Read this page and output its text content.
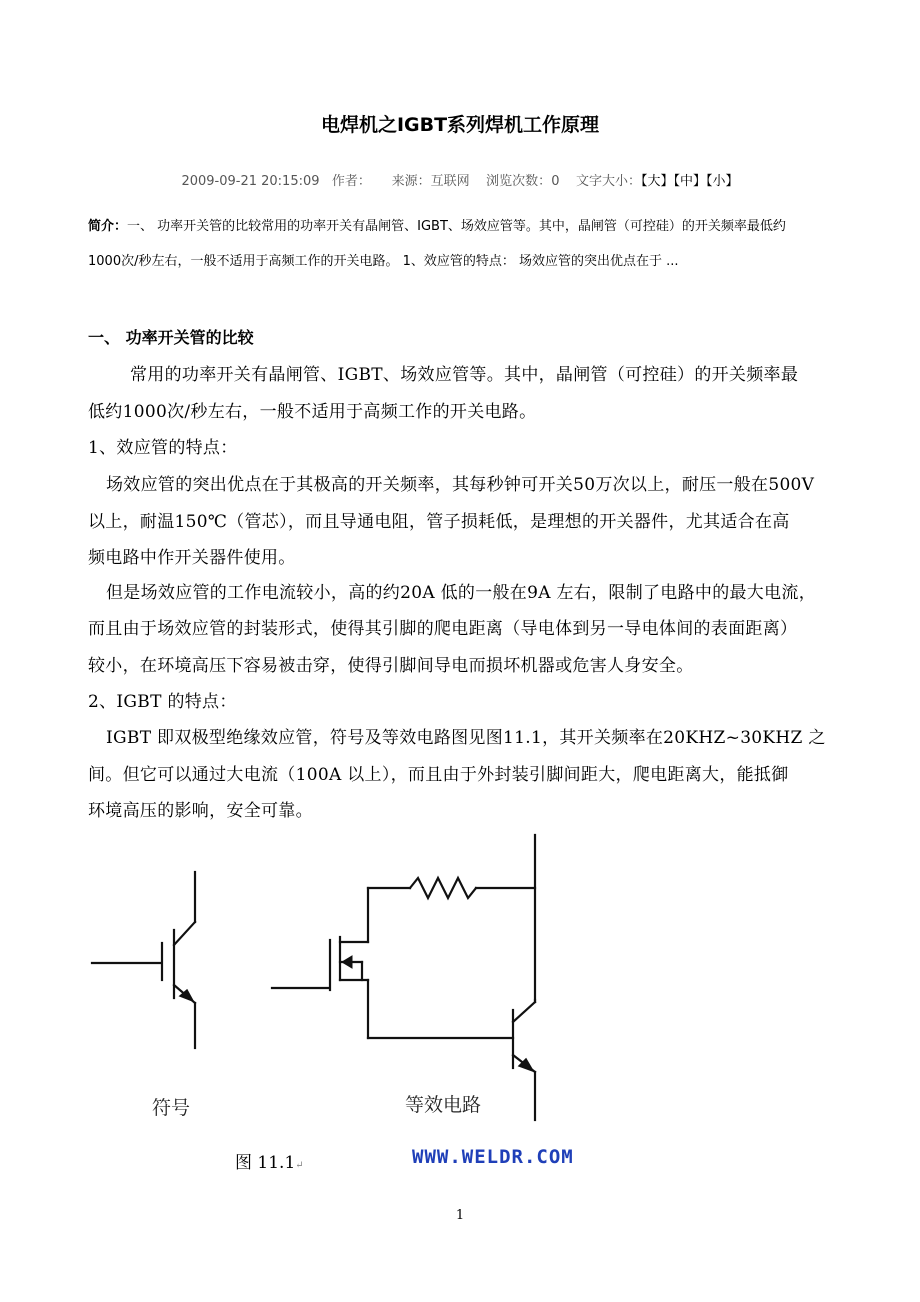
电焊机之IGBT系列焊机工作原理
2009-09-21 20:15:09 作者： 来源：互联网 浏览次数：0 文字大小：【大】【中】【小】
简介：一、 功率开关管的比较常用的功率开关有晶闸管、IGBT、场效应管等。其中，晶闸管（可控硅）的开关频率最低约
1000次/秒左右，一般不适用于高频工作的开关电路。 1、效应管的特点： 场效应管的突出优点在于 ...
一、 功率开关管的比较
常用的功率开关有晶闸管、IGBT、场效应管等。其中，晶闸管（可控硅）的开关频率最
低约1000次/秒左右，一般不适用于高频工作的开关电路。
1、效应管的特点：
场效应管的突出优点在于其极高的开关频率，其每秒钟可开关50万次以上，耐压一般在500V
以上，耐温150℃（管芯），而且导通电阻，管子损耗低，是理想的开关器件，尤其适合在高
频电路中作开关器件使用。
但是场效应管的工作电流较小，高的约20A 低的一般在9A 左右，限制了电路中的最大电流，
而且由于场效应管的封装形式，使得其引脚的爬电距离（导电体到另一导电体间的表面距离）
较小，在环境高压下容易被击穿，使得引脚间导电而损坏机器或危害人身安全。
2、IGBT 的特点：
IGBT 即双极型绝缘效应管，符号及等效电路图见图11.1，其开关频率在20KHZ~30KHZ 之
间。但它可以通过大电流（100A 以上），而且由于外封装引脚间距大，爬电距离大，能抵御
环境高压的影响，安全可靠。
符号	等效电路
图 11.1↵	WWW.WELDR.COM
1
